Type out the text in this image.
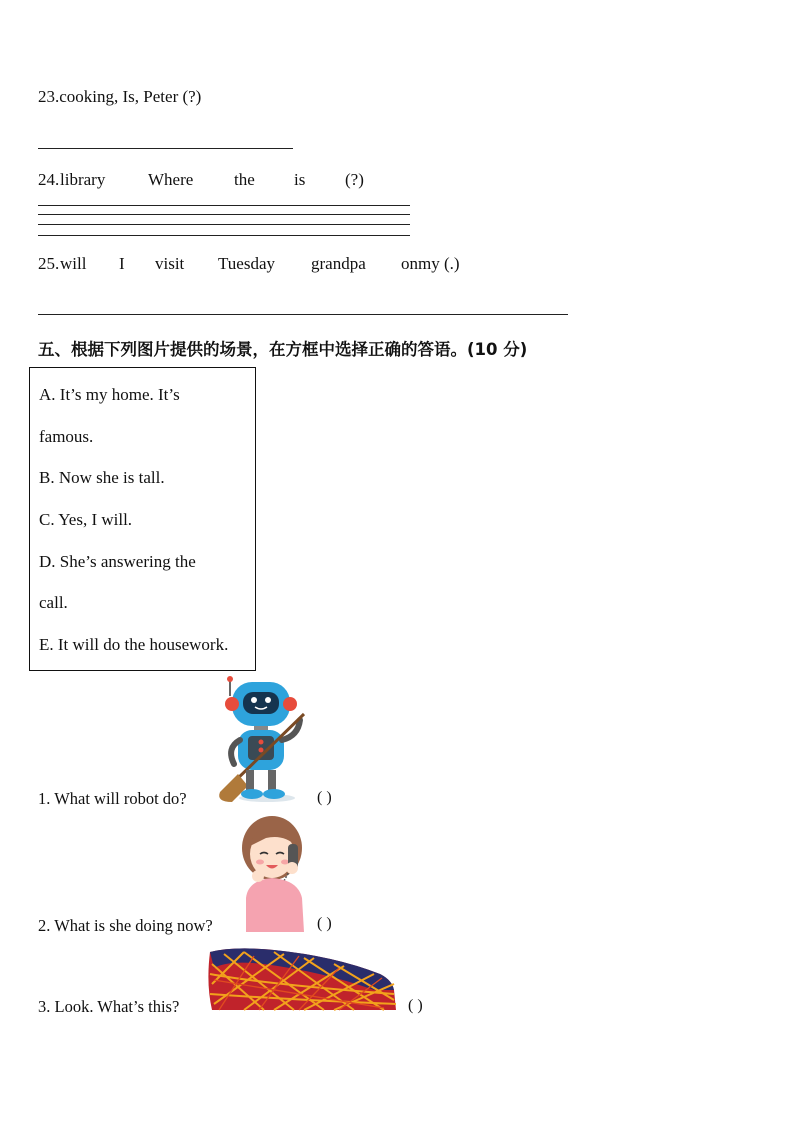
23.cooking, Is, Peter (?)
24. library	Where the is (?)
25. will I visit Tuesday grandpa onmy (.)
五、根据下列图片提供的场景，在方框中选择正确的答语。(10 分)
A. It’s my home. It’s
famous.
B. Now she is tall.
C. Yes, I will.
D. She’s answering the
call.
E. It will do the housework.
1. What will robot do?	( )
2. What is she doing now?	( )
3. Look. What’s this?	( )
